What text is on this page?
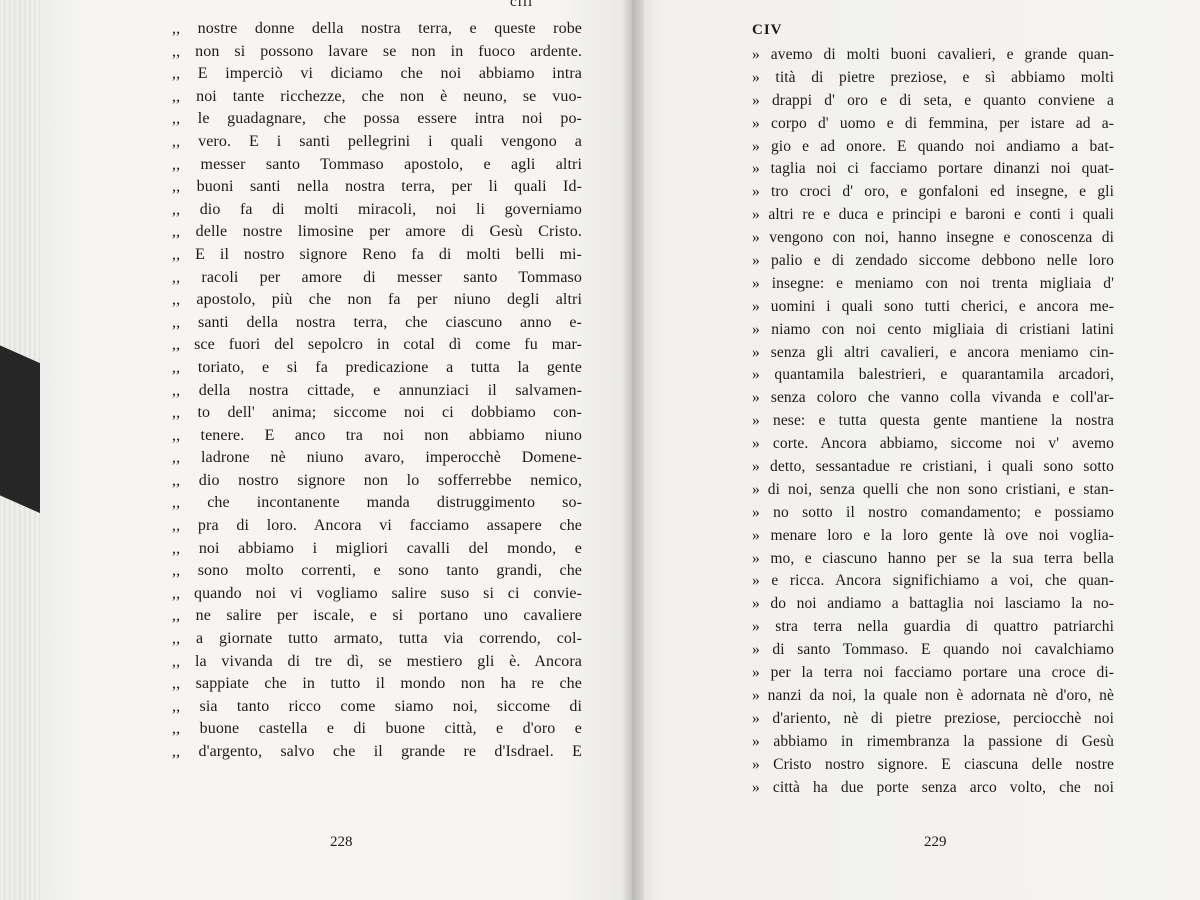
cııı
,, nostre donne della nostra terra, e queste robe
,, non si possono lavare se non in fuoco ardente.
,, E imperciò vi diciamo che noi abbiamo intra
,, noi tante ricchezze, che non è neuno, se vuo-
,, le guadagnare, che possa essere intra noi po-
,, vero. E i santi pellegrini i quali vengono a
,, messer santo Tommaso apostolo, e agli altri
,, buoni santi nella nostra terra, per li quali Id-
,, dio fa di molti miracoli, noi li governiamo
,, delle nostre limosine per amore di Gesù Cristo.
,, E il nostro signore Reno fa di molti belli mi-
,, racoli per amore di messer santo Tommaso
,, apostolo, più che non fa per niuno degli altri
,, santi della nostra terra, che ciascuno anno e-
,, sce fuori del sepolcro in cotal dì come fu mar-
,, toriato, e si fa predicazione a tutta la gente
,, della nostra cittade, e annunziaci il salvamen-
,, to dell' anima; siccome noi ci dobbiamo con-
,, tenere. E anco tra noi non abbiamo niuno
,, ladrone nè niuno avaro, imperocchè Domene-
,, dio nostro signore non lo sofferrebbe nemico,
,, che incontanente manda distruggimento so-
,, pra di loro. Ancora vi facciamo assapere che
,, noi abbiamo i migliori cavalli del mondo, e
,, sono molto correnti, e sono tanto grandi, che
,, quando noi vi vogliamo salire suso si ci convie-
,, ne salire per iscale, e si portano uno cavaliere
,, a giornate tutto armato, tutta via correndo, col-
,, la vivanda di tre dì, se mestiero gli è. Ancora
,, sappiate che in tutto il mondo non ha re che
,, sia tanto ricco come siamo noi, siccome di
,, buone castella e di buone città, e d'oro e
,, d'argento, salvo che il grande re d'Isdrael. E
228
CIV
» avemo di molti buoni cavalieri, e grande quan-
» tità di pietre preziose, e sì abbiamo molti
» drappi d' oro e di seta, e quanto conviene a
» corpo d' uomo e di femmina, per istare ad a-
» gio e ad onore. E quando noi andiamo a bat-
» taglia noi ci facciamo portare dinanzi noi quat-
» tro croci d' oro, e gonfaloni ed insegne, e gli
» altri re e duca e principi e baroni e conti i quali
» vengono con noi, hanno insegne e conoscenza di
» palio e di zendado siccome debbono nelle loro
» insegne: e meniamo con noi trenta migliaia d'
» uomini i quali sono tutti cherici, e ancora me-
» niamo con noi cento migliaia di cristiani latini
» senza gli altri cavalieri, e ancora meniamo cin-
» quantamila balestrieri, e quarantamila arcadori,
» senza coloro che vanno colla vivanda e coll'ar-
» nese: e tutta questa gente mantiene la nostra
» corte. Ancora abbiamo, siccome noi v' avemo
» detto, sessantadue re cristiani, i quali sono sotto
» di noi, senza quelli che non sono cristiani, e stan-
» no sotto il nostro comandamento; e possiamo
» menare loro e la loro gente là ove noi voglia-
» mo, e ciascuno hanno per se la sua terra bella
» e ricca. Ancora significhiamo a voi, che quan-
» do noi andiamo a battaglia noi lasciamo la no-
» stra terra nella guardia di quattro patriarchi
» di santo Tommaso. E quando noi cavalchiamo
» per la terra noi facciamo portare una croce di-
» nanzi da noi, la quale non è adornata nè d'oro, nè
» d'ariento, nè di pietre preziose, perciocchè noi
» abbiamo in rimembranza la passione di Gesù
» Cristo nostro signore. E ciascuna delle nostre
» città ha due porte senza arco volto, che noi
229
